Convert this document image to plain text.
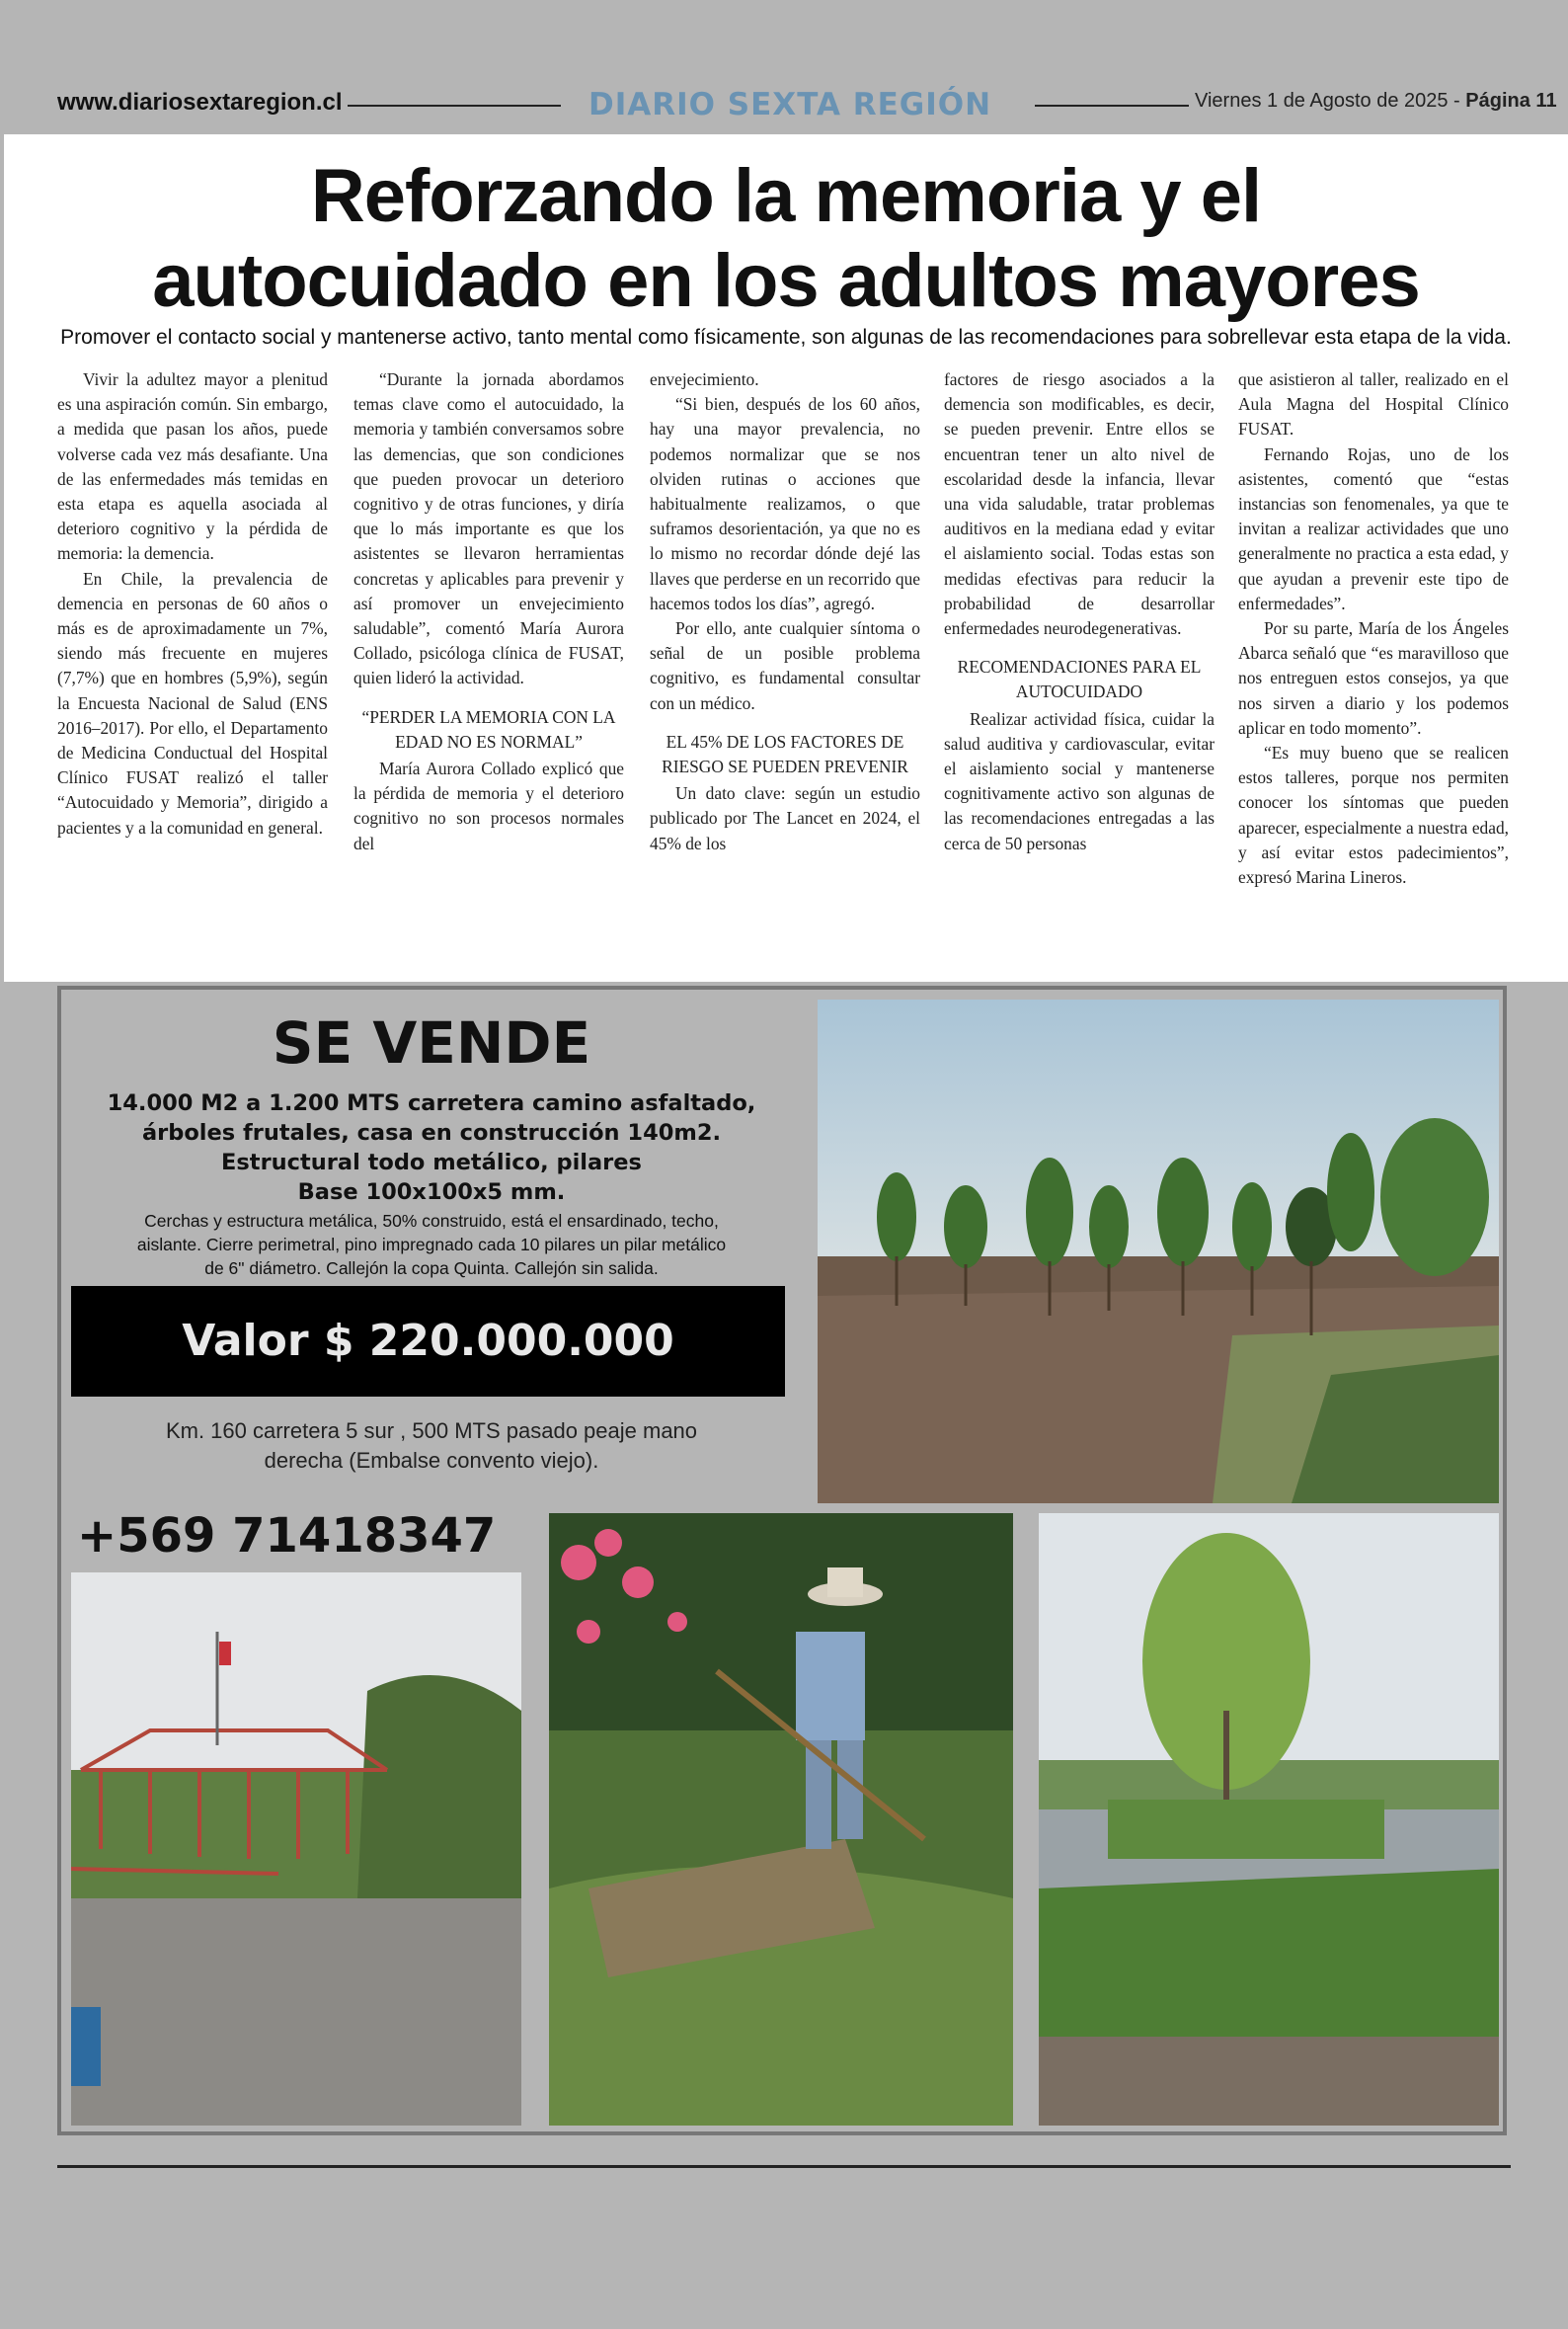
www.diariosextaregion.cl	DIARIO SEXTA REGIÓN	Viernes 1 de Agosto de 2025 - Página 11
Reforzando la memoria y el
autocuidado en los adultos mayores
Promover el contacto social y mantenerse activo, tanto mental como físicamente, son algunas de las recomendaciones para sobrellevar esta etapa de la vida.

Vivir la adultez mayor a plenitud es una aspiración común. Sin embargo, a medida que pasan los años, puede volverse cada vez más desafiante. Una de las enfermedades más temidas en esta etapa es aquella asociada al deterioro cognitivo y la pérdida de memoria: la demencia.

En Chile, la prevalencia de demencia en personas de 60 años o más es de aproximadamente un 7%, siendo más frecuente en mujeres (7,7%) que en hombres (5,9%), según la Encuesta Nacional de Salud (ENS 2016–2017). Por ello, el Departamento de Medicina Conductual del Hospital Clínico FUSAT realizó el taller “Autocuidado y Memoria”, dirigido a pacientes y a la comunidad en general.

“Durante la jornada abordamos temas clave como el autocuidado, la memoria y también conversamos sobre las demencias, que son condiciones que pueden provocar un deterioro cognitivo y de otras funciones, y diría que lo más importante es que los asistentes se llevaron herramientas concretas y aplicables para prevenir y así promover un envejecimiento saludable”, comentó María Aurora Collado, psicóloga clínica de FUSAT, quien lideró la actividad.

“PERDER LA MEMORIA CON LA EDAD NO ES NORMAL”

María Aurora Collado explicó que la pérdida de memoria y el deterioro cognitivo no son procesos normales del

envejecimiento.

“Si bien, después de los 60 años, hay una mayor prevalencia, no podemos normalizar que se nos olviden rutinas o acciones que habitualmente realizamos, o que suframos desorientación, ya que no es lo mismo no recordar dónde dejé las llaves que perderse en un recorrido que hacemos todos los días”, agregó.

Por ello, ante cualquier síntoma o señal de un posible problema cognitivo, es fundamental consultar con un médico.

EL 45% DE LOS FACTORES DE RIESGO SE PUEDEN PREVENIR

Un dato clave: según un estudio publicado por The Lancet en 2024, el 45% de los

factores de riesgo asociados a la demencia son modificables, es decir, se pueden prevenir. Entre ellos se encuentran tener un alto nivel de escolaridad desde la infancia, llevar una vida saludable, tratar problemas auditivos en la mediana edad y evitar el aislamiento social. Todas estas son medidas efectivas para reducir la probabilidad de desarrollar enfermedades neurodegenerativas.

RECOMENDACIONES PARA EL AUTOCUIDADO

Realizar actividad física, cuidar la salud auditiva y cardiovascular, evitar el aislamiento social y mantenerse cognitivamente activo son algunas de las recomendaciones entregadas a las cerca de 50 personas

que asistieron al taller, realizado en el Aula Magna del Hospital Clínico FUSAT.

Fernando Rojas, uno de los asistentes, comentó que “estas instancias son fenomenales, ya que te invitan a realizar actividades que uno generalmente no practica a esta edad, y que ayudan a prevenir este tipo de enfermedades”.

Por su parte, María de los Ángeles Abarca señaló que “es maravilloso que nos entreguen estos consejos, ya que nos sirven a diario y los podemos aplicar en todo momento”.

“Es muy bueno que se realicen estos talleres, porque nos permiten conocer los síntomas que pueden aparecer, especialmente a nuestra edad, y así evitar estos padecimientos”, expresó Marina Lineros.

SE VENDE
14.000 M2 a 1.200 MTS carretera camino asfaltado,
árboles frutales, casa en construcción 140m2.
Estructural todo metálico, pilares
Base 100x100x5 mm.
Cerchas y estructura metálica, 50% construido, está el ensardinado, techo,
aislante. Cierre perimetral, pino impregnado cada 10 pilares un pilar metálico
de 6" diámetro. Callejón la copa Quinta. Callejón sin salida.
Valor $ 220.000.000
Km. 160 carretera 5 sur , 500 MTS pasado peaje mano
derecha (Embalse convento viejo).
+569 71418347
